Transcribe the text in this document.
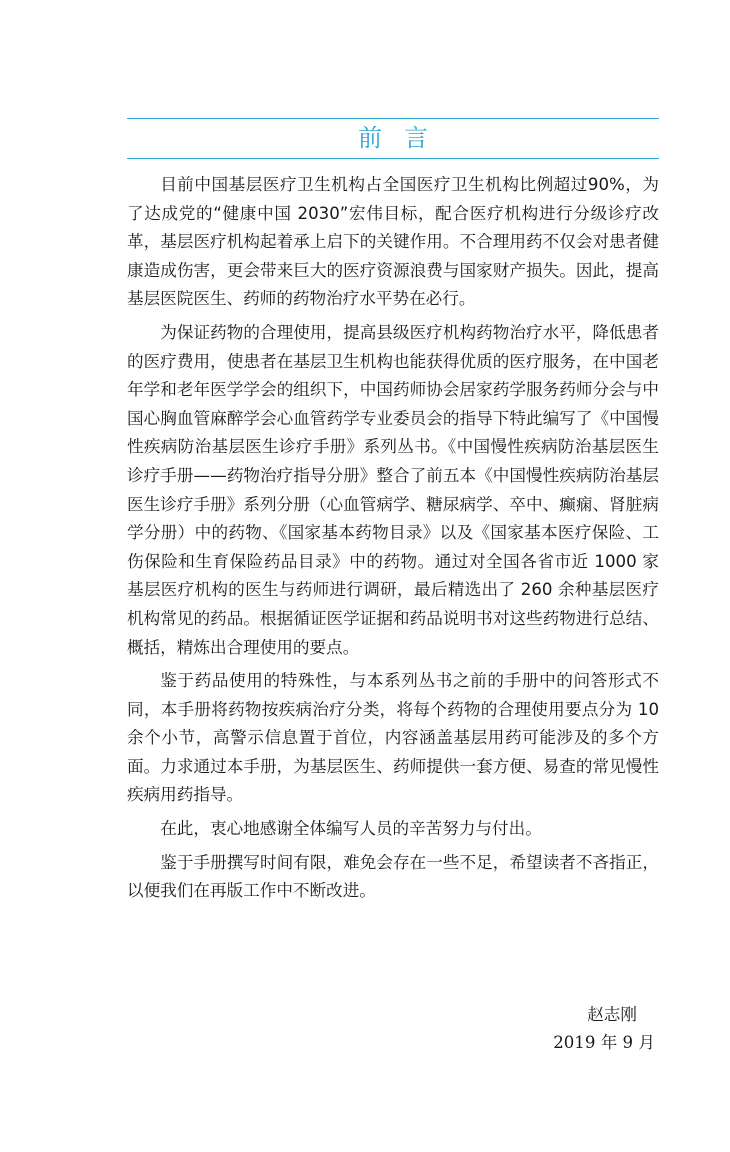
前言

目前中国基层医疗卫生机构占全国医疗卫生机构比例超过90%，为了达成党的“健康中国 2030”宏伟目标，配合医疗机构进行分级诊疗改革，基层医疗机构起着承上启下的关键作用。不合理用药不仅会对患者健康造成伤害，更会带来巨大的医疗资源浪费与国家财产损失。因此，提高基层医院医生、药师的药物治疗水平势在必行。

为保证药物的合理使用，提高县级医疗机构药物治疗水平，降低患者的医疗费用，使患者在基层卫生机构也能获得优质的医疗服务，在中国老年学和老年医学学会的组织下，中国药师协会居家药学服务药师分会与中国心胸血管麻醉学会心血管药学专业委员会的指导下特此编写了《中国慢性疾病防治基层医生诊疗手册》系列丛书。《中国慢性疾病防治基层医生诊疗手册——药物治疗指导分册》整合了前五本《中国慢性疾病防治基层医生诊疗手册》系列分册（心血管病学、糖尿病学、卒中、癫痫、肾脏病学分册）中的药物、《国家基本药物目录》以及《国家基本医疗保险、工伤保险和生育保险药品目录》中的药物。通过对全国各省市近 1000 家基层医疗机构的医生与药师进行调研，最后精选出了 260 余种基层医疗机构常见的药品。根据循证医学证据和药品说明书对这些药物进行总结、概括，精炼出合理使用的要点。

鉴于药品使用的特殊性，与本系列丛书之前的手册中的问答形式不同，本手册将药物按疾病治疗分类，将每个药物的合理使用要点分为 10 余个小节，高警示信息置于首位，内容涵盖基层用药可能涉及的多个方面。力求通过本手册，为基层医生、药师提供一套方便、易查的常见慢性疾病用药指导。

在此，衷心地感谢全体编写人员的辛苦努力与付出。

鉴于手册撰写时间有限，难免会存在一些不足，希望读者不吝指正，以便我们在再版工作中不断改进。

赵志刚
2019 年 9 月
